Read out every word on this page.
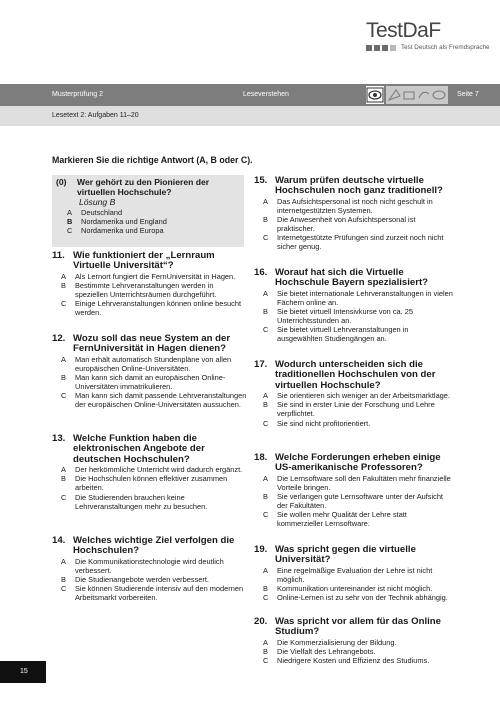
TestDaF
Test Deutsch als Fremdsprache
Musterprüfung 2	Leseverstehen	Seite 7
Lesetext 2: Aufgaben 11–20
Markieren Sie die richtige Antwort (A, B oder C).
(0)	Wer gehört zu den Pionieren der virtuellen Hochschule?
Lösung B
A	Deutschland
B	Nordamerika und England
C	Nordamerika und Europa
11. Wie funktioniert der „Lernraum Virtuelle Universität“?
A	Als Lernort fungiert die FernUniversität in Hagen.
B	Bestimmte Lehrveranstaltungen werden in speziellen Unterrichtsräumen durchgeführt.
C	Einige Lehrveranstaltungen können online besucht werden.
12. Wozu soll das neue System an der FernUniversität in Hagen dienen?
A	Man erhält automatisch Stundenpläne von allen europäischen Online-Universitäten.
B	Man kann sich damit an europäischen Online-Universitäten immatrikulieren.
C	Man kann sich damit passende Lehrveranstaltungen der europäischen Online-Universitäten aussuchen.
13. Welche Funktion haben die elektronischen Angebote der deutschen Hochschulen?
A	Der herkömmliche Unterricht wird dadurch ergänzt.
B	Die Hochschulen können effektiver zusammen arbeiten.
C	Die Studierenden brauchen keine Lehrveranstaltungen mehr zu besuchen.
14. Welches wichtige Ziel verfolgen die Hochschulen?
A	Die Kommunikationstechnologie wird deutlich verbessert.
B	Die Studienangebote werden verbessert.
C	Sie können Studierende intensiv auf den modernen Arbeitsmarkt vorbereiten.
15. Warum prüfen deutsche virtuelle Hochschulen noch ganz traditionell?
A	Das Aufsichtspersonal ist noch nicht geschult in internetgestützten Systemen.
B	Die Anwesenheit von Aufsichtspersonal ist praktischer.
C	Internetgestützte Prüfungen sind zurzeit noch nicht sicher genug.
16. Worauf hat sich die Virtuelle Hochschule Bayern spezialisiert?
A	Sie bietet internationale Lehrveranstaltungen in vielen Fächern online an.
B	Sie bietet virtuell Intensivkurse von ca. 25 Unterrichtsstunden an.
C	Sie bietet virtuell Lehrveranstaltungen in ausgewählten Studiengängen an.
17. Wodurch unterscheiden sich die traditionellen Hochschulen von der virtuellen Hochschule?
A	Sie orientieren sich weniger an der Arbeitsmarktlage.
B	Sie sind in erster Linie der Forschung und Lehre verpflichtet.
C	Sie sind nicht profitorientiert.
18. Welche Forderungen erheben einige US-amerikanische Professoren?
A	Die Lernsoftware soll den Fakultäten mehr finanzielle Vorteile bringen.
B	Sie verlangen gute Lernsoftware unter der Aufsicht der Fakultäten.
C	Sie wollen mehr Qualität der Lehre statt kommerzieller Lernsoftware.
19. Was spricht gegen die virtuelle Universität?
A	Eine regelmäßige Evaluation der Lehre ist nicht möglich.
B	Kommunikation untereinander ist nicht möglich.
C	Online-Lernen ist zu sehr von der Technik abhängig.
20. Was spricht vor allem für das Online Studium?
A	Die Kommerzialisierung der Bildung.
B	Die Vielfalt des Lehrangebots.
C	Niedrigere Kosten und Effizienz des Studiums.
15
